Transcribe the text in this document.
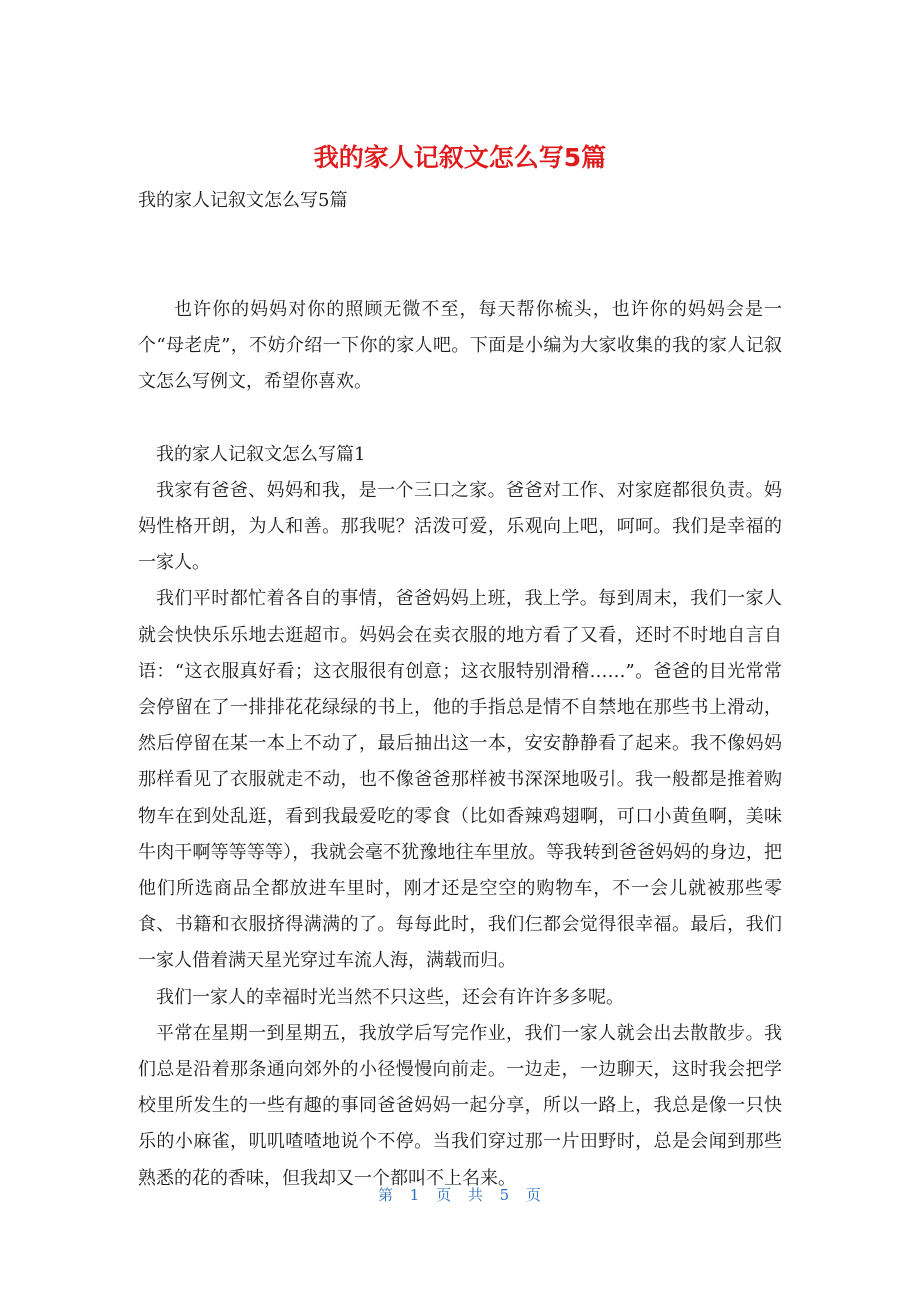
我的家人记叙文怎么写5篇
我的家人记叙文怎么写5篇

也许你的妈妈对你的照顾无微不至，每天帮你梳头，也许你的妈妈会是一个“母老虎”，不妨介绍一下你的家人吧。下面是小编为大家收集的我的家人记叙文怎么写例文，希望你喜欢。

我的家人记叙文怎么写篇1

我家有爸爸、妈妈和我，是一个三口之家。爸爸对工作、对家庭都很负责。妈妈性格开朗，为人和善。那我呢？活泼可爱，乐观向上吧，呵呵。我们是幸福的一家人。

我们平时都忙着各自的事情，爸爸妈妈上班，我上学。每到周末，我们一家人就会快快乐乐地去逛超市。妈妈会在卖衣服的地方看了又看，还时不时地自言自语：“这衣服真好看；这衣服很有创意；这衣服特别滑稽……”。爸爸的目光常常会停留在了一排排花花绿绿的书上，他的手指总是情不自禁地在那些书上滑动，然后停留在某一本上不动了，最后抽出这一本，安安静静看了起来。我不像妈妈那样看见了衣服就走不动，也不像爸爸那样被书深深地吸引。我一般都是推着购物车在到处乱逛，看到我最爱吃的零食（比如香辣鸡翅啊，可口小黄鱼啊，美味牛肉干啊等等等等），我就会毫不犹豫地往车里放。等我转到爸爸妈妈的身边，把他们所选商品全都放进车里时，刚才还是空空的购物车，不一会儿就被那些零食、书籍和衣服挤得满满的了。每每此时，我们仨都会觉得很幸福。最后，我们一家人借着满天星光穿过车流人海，满载而归。

我们一家人的幸福时光当然不只这些，还会有许许多多呢。

平常在星期一到星期五，我放学后写完作业，我们一家人就会出去散散步。我们总是沿着那条通向郊外的小径慢慢向前走。一边走，一边聊天，这时我会把学校里所发生的一些有趣的事同爸爸妈妈一起分享，所以一路上，我总是像一只快乐的小麻雀，叽叽喳喳地说个不停。当我们穿过那一片田野时，总是会闻到那些熟悉的花的香味，但我却又一个都叫不上名来。

第 1 页 共 5 页
